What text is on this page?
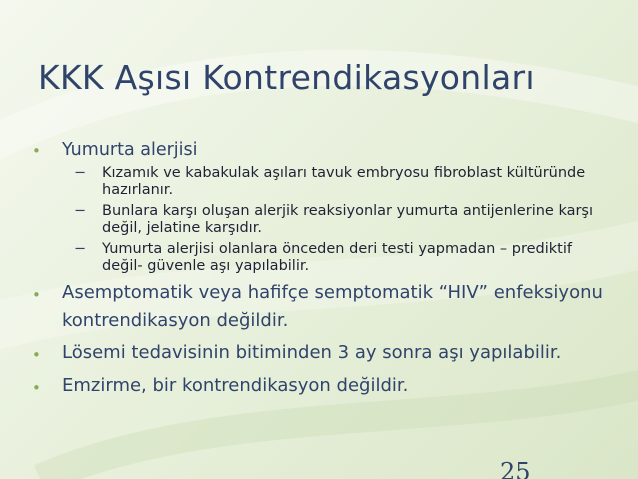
KKK Aşısı Kontrendikasyonları
• Yumurta alerjisi
− Kızamık ve kabakulak aşıları tavuk embryosu fibroblast kültüründe hazırlanır.
− Bunlara karşı oluşan alerjik reaksiyonlar yumurta antijenlerine karşı değil, jelatine karşıdır.
− Yumurta alerjisi olanlara önceden deri testi yapmadan – prediktif değil- güvenle aşı yapılabilir.
• Asemptomatik veya hafifçe semptomatik “HIV” enfeksiyonu kontrendikasyon değildir.
• Lösemi tedavisinin bitiminden 3 ay sonra aşı yapılabilir.
• Emzirme, bir kontrendikasyon değildir.
25
